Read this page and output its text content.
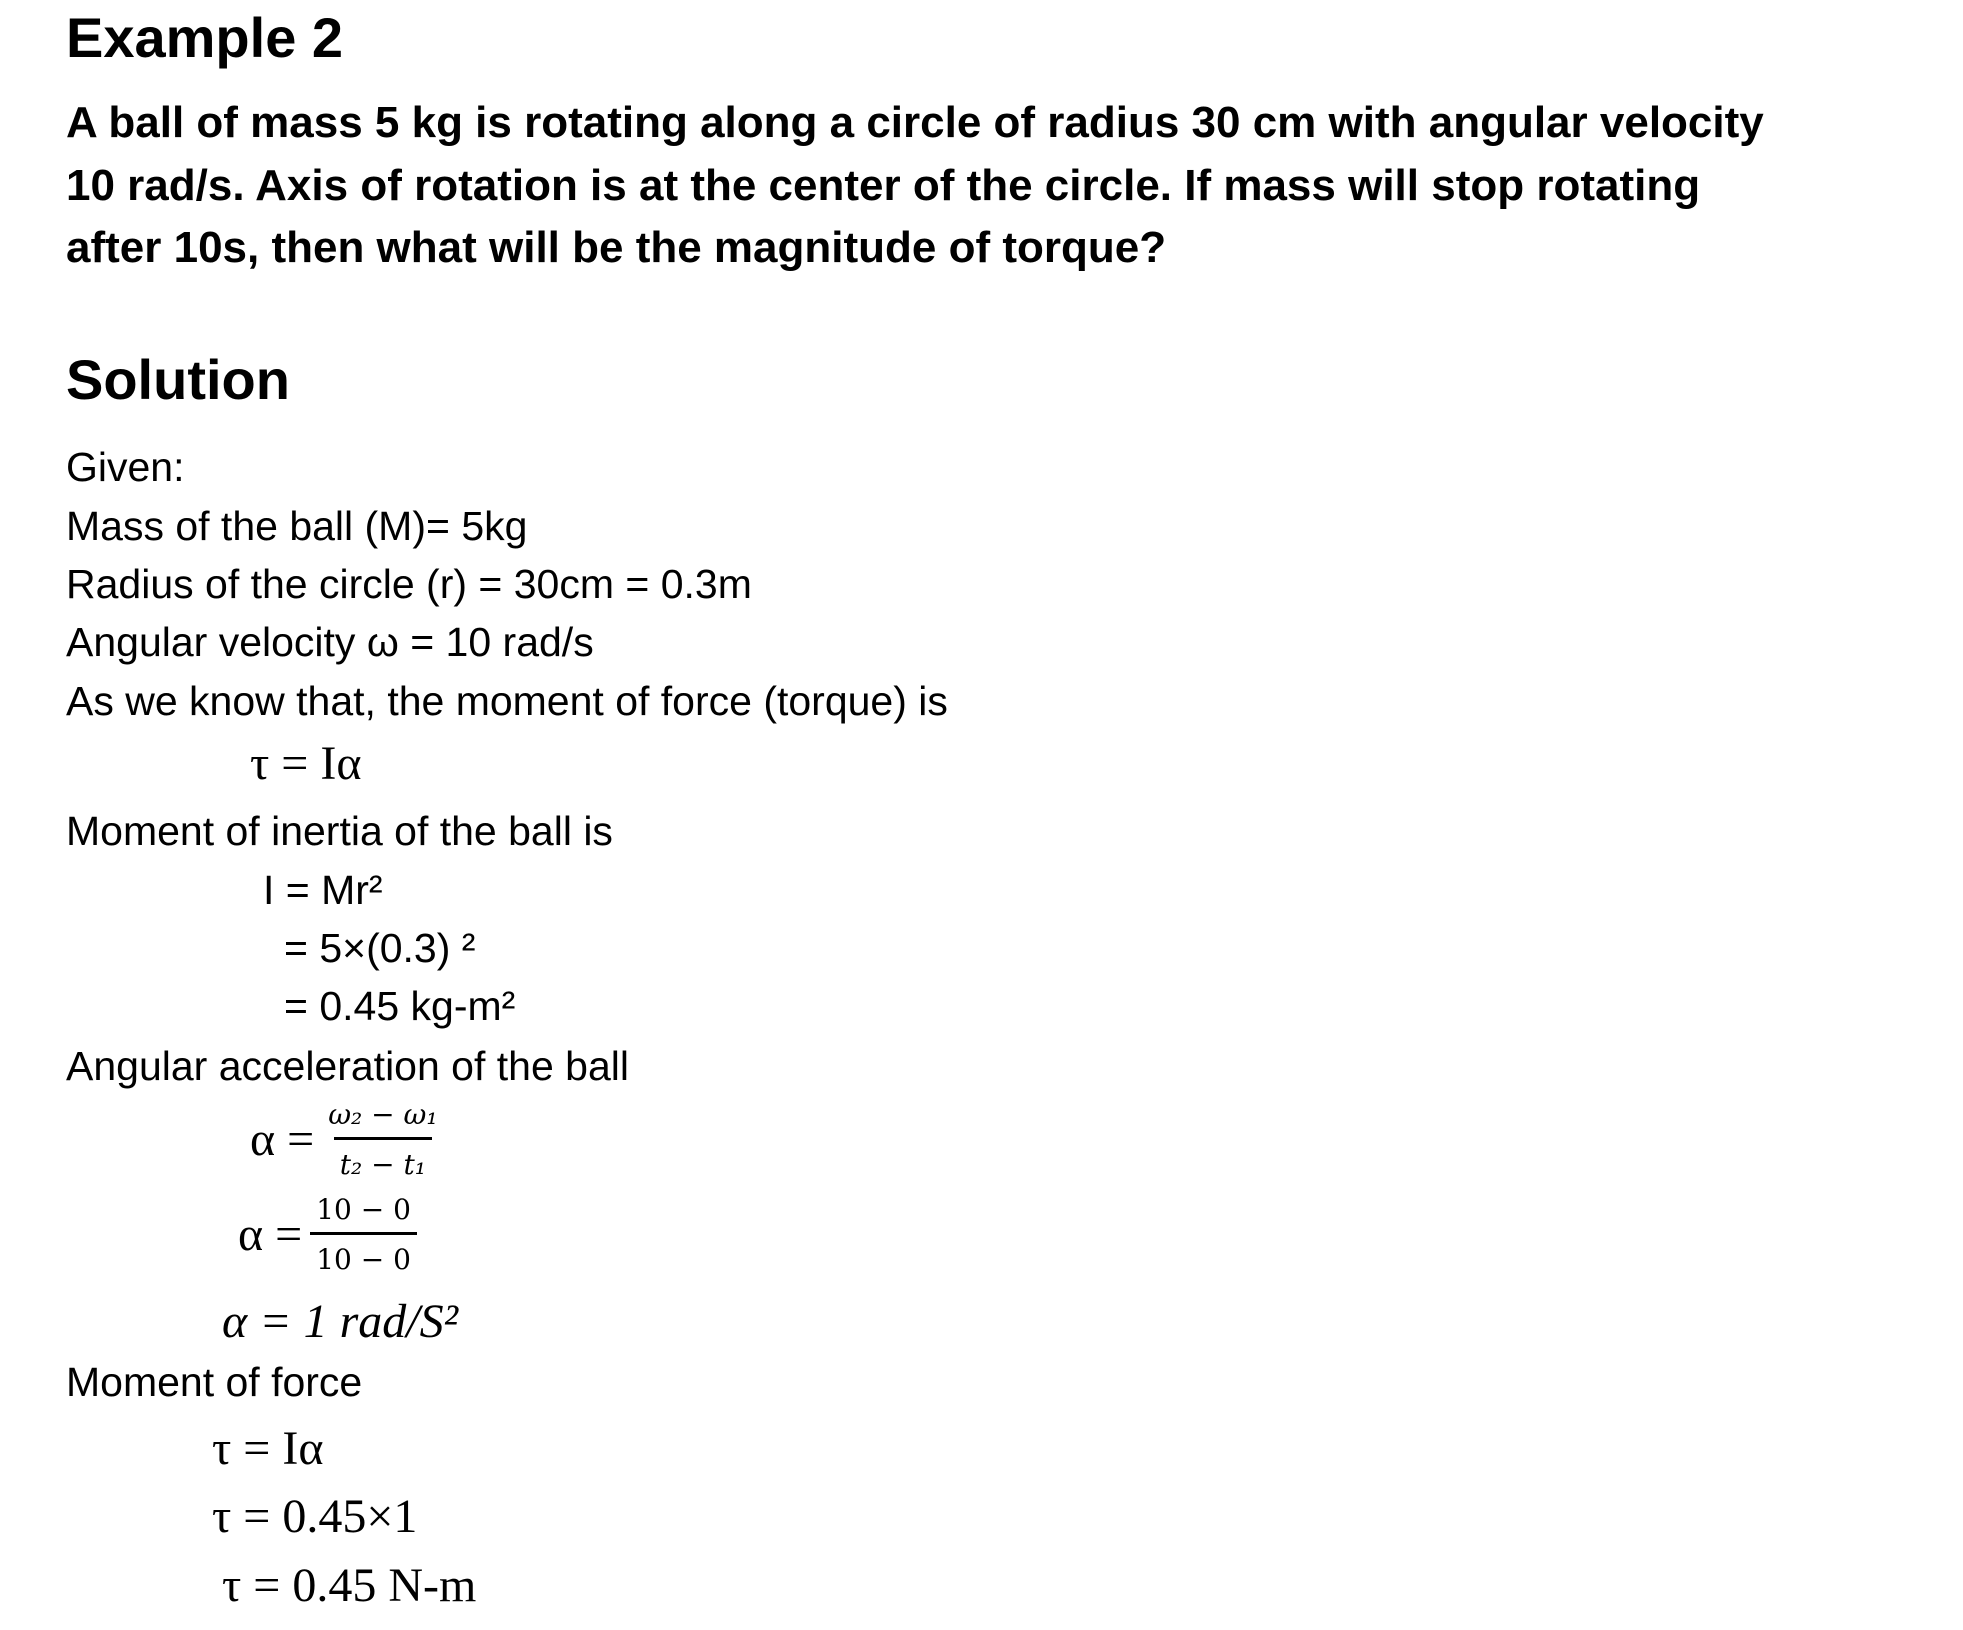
Example 2
A ball of mass 5 kg is rotating along a circle of radius 30 cm with angular velocity
10 rad/s. Axis of rotation is at the center of the circle. If mass will stop rotating
after 10s, then what will be the magnitude of torque?
Solution
Given:
Mass of the ball (M)= 5kg
Radius of the circle (r) = 30cm = 0.3m
Angular velocity ω = 10 rad/s
As we know that, the moment of force (torque) is
τ = Iα
Moment of inertia of the ball is
I = Mr²
= 5×(0.3) ²
= 0.45 kg-m²
Angular acceleration of the ball
$\alpha = \frac{\text{ω₂ − ω₁}}{\text{t₂ − t₁}}$
$\alpha = \frac{10 - 0}{10 - 0}$
α = 1 rad/S²
Moment of force
τ = Iα
τ = 0.45×1
τ = 0.45 N-m
